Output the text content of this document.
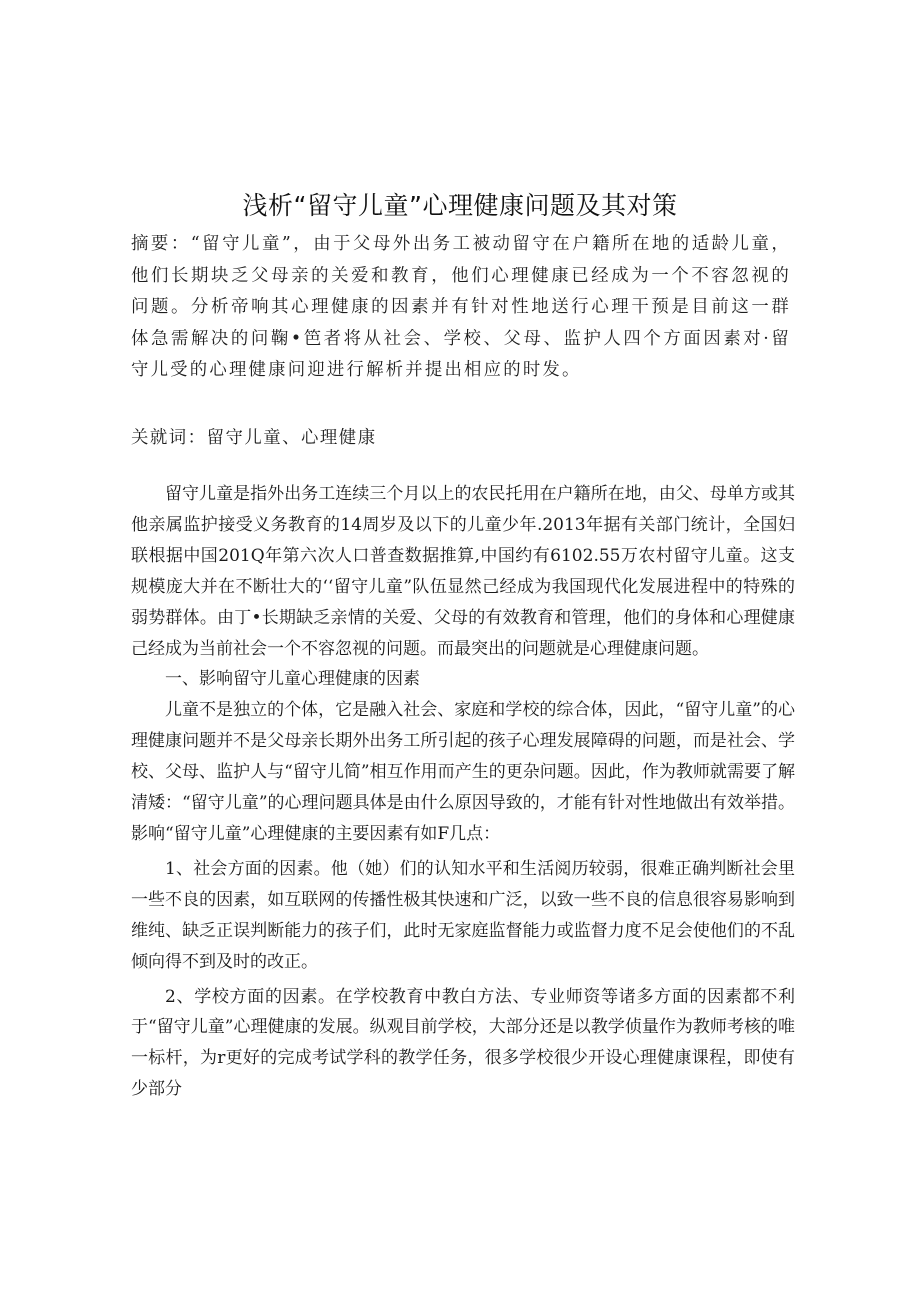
浅析“留守儿童”心理健康问题及其对策
摘要：“留守儿童”，由于父母外出务工被动留守在户籍所在地的适龄儿童，他们长期块乏父母亲的关爱和教育，他们心理健康已经成为一个不容忽视的问题。分析帝响其心理健康的因素并有针对性地送行心理干预是目前这一群体急需解决的问鞠•笆者将从社会、学校、父母、监护人四个方面因素对·留守儿受的心理健康问迎进行解析并提出相应的时发。
关就词：留守儿童、心理健康

留守儿童是指外出务工连续三个月以上的农民托用在户籍所在地，由父、母单方或其他亲属监护接受义务教育的14周岁及以下的儿童少年.2013年据有关部门统计，全国妇联根据中国201Q年第六次人口普查数据推算,中国约有6102.55万农村留守儿童。这支规模庞大并在不断壮大的‘‘留守儿童”队伍显然己经成为我国现代化发展进程中的特殊的弱势群体。由丁•长期缺乏亲情的关爱、父母的有效教育和管理，他们的身体和心理健康己经成为当前社会一个不容忽视的问题。而最突出的问题就是心理健康问题。

一、影响留守儿童心理健康的因素

儿童不是独立的个体，它是融入社会、家庭和学校的综合体，因此，“留守儿童”的心理健康问题并不是父母亲长期外出务工所引起的孩子心理发展障碍的问题，而是社会、学校、父母、监护人与“留守儿简”相互作用而产生的更杂问题。因此，作为教师就需要了解清矮：“留守儿童”的心理问题具体是由什么原因导致的，才能有针对性地做出有效举措。影响“留守儿童”心理健康的主要因素有如F几点：

1、社会方面的因素。他（她）们的认知水平和生活阅历较弱，很难正确判断社会里一些不良的因素，如互联网的传播性极其快速和广泛，以致一些不良的信息很容易影响到维纯、缺乏正误判断能力的孩子们，此时无家庭监督能力或监督力度不足会使他们的不乱倾向得不到及时的改正。

2、学校方面的因素。在学校教育中教白方法、专业师资等诸多方面的因素都不利于“留守儿童”心理健康的发展。纵观目前学校，大部分还是以教学侦量作为教师考核的唯一标杆，为r更好的完成考试学科的教学任务，很多学校很少开设心理健康课程，即使有少部分
